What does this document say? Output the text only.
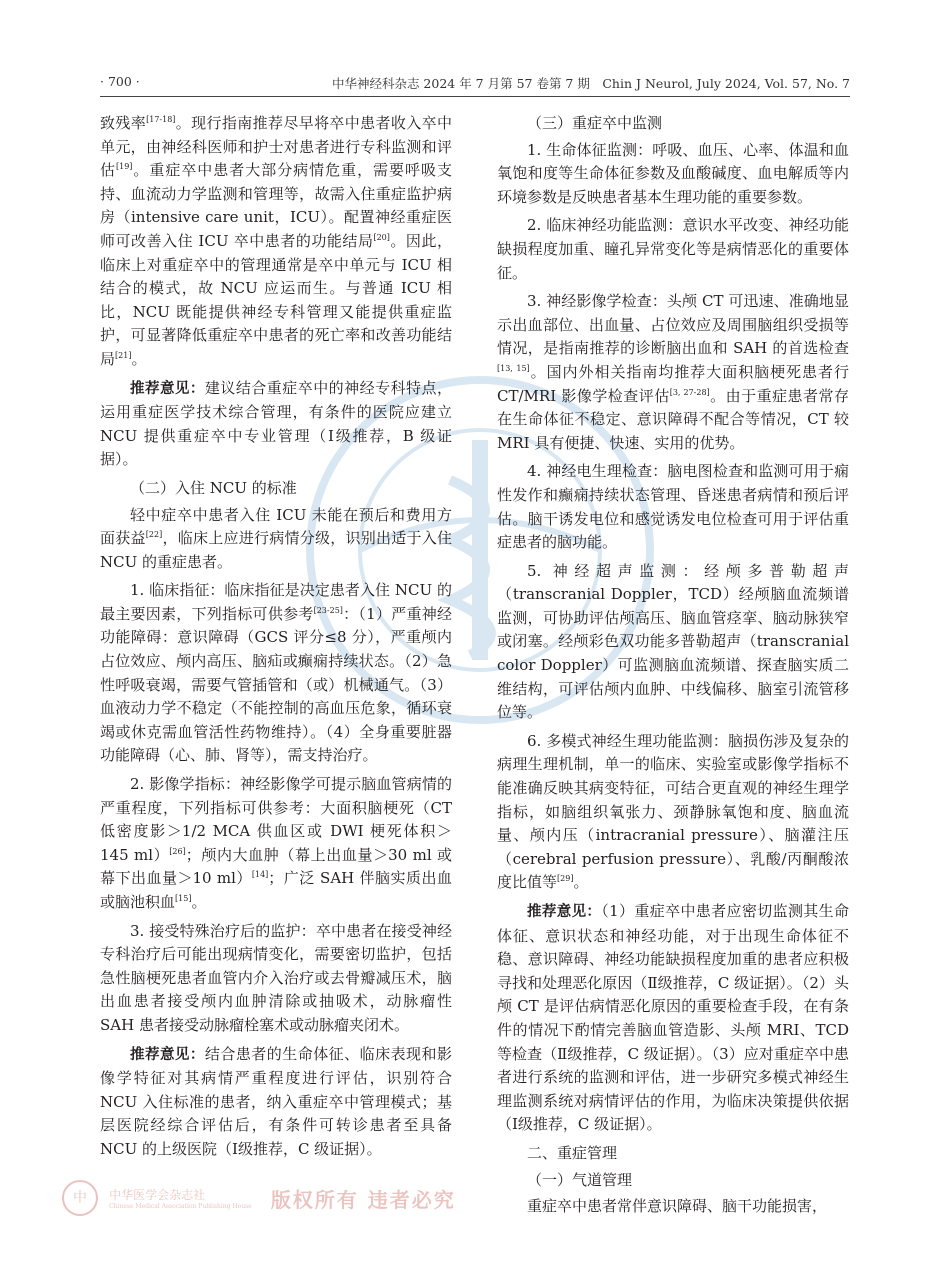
· 700 ·	中华神经科杂志 2024 年 7 月第 57 卷第 7 期　Chin J Neurol, July 2024, Vol. 57, No. 7

致残率[17-18]。现行指南推荐尽早将卒中患者收入卒中单元，由神经科医师和护士对患者进行专科监测和评估[19]。重症卒中患者大部分病情危重，需要呼吸支持、血流动力学监测和管理等，故需入住重症监护病房（intensive care unit，ICU）。配置神经重症医师可改善入住 ICU 卒中患者的功能结局[20]。因此，临床上对重症卒中的管理通常是卒中单元与 ICU 相结合的模式，故 NCU 应运而生。与普通 ICU 相比，NCU 既能提供神经专科管理又能提供重症监护，可显著降低重症卒中患者的死亡率和改善功能结局[21]。

推荐意见：建议结合重症卒中的神经专科特点，运用重症医学技术综合管理，有条件的医院应建立 NCU 提供重症卒中专业管理（Ⅰ级推荐，B 级证据）。

（二）入住 NCU 的标准

轻中症卒中患者入住 ICU 未能在预后和费用方面获益[22]，临床上应进行病情分级，识别出适于入住 NCU 的重症患者。

1. 临床指征：临床指征是决定患者入住 NCU 的最主要因素，下列指标可供参考[23-25]：（1）严重神经功能障碍：意识障碍（GCS 评分≤8 分），严重颅内占位效应、颅内高压、脑疝或癫痫持续状态。（2）急性呼吸衰竭，需要气管插管和（或）机械通气。（3）血液动力学不稳定（不能控制的高血压危象，循环衰竭或休克需血管活性药物维持）。（4）全身重要脏器功能障碍（心、肺、肾等），需支持治疗。

2. 影像学指标：神经影像学可提示脑血管病情的严重程度，下列指标可供参考：大面积脑梗死（CT 低密度影＞1/2 MCA 供血区或 DWI 梗死体积＞145 ml）[26]；颅内大血肿（幕上出血量＞30 ml 或幕下出血量＞10 ml）[14]；广泛 SAH 伴脑实质出血或脑池积血[15]。

3. 接受特殊治疗后的监护：卒中患者在接受神经专科治疗后可能出现病情变化，需要密切监护，包括急性脑梗死患者血管内介入治疗或去骨瓣减压术，脑出血患者接受颅内血肿清除或抽吸术，动脉瘤性 SAH 患者接受动脉瘤栓塞术或动脉瘤夹闭术。

推荐意见：结合患者的生命体征、临床表现和影像学特征对其病情严重程度进行评估，识别符合 NCU 入住标准的患者，纳入重症卒中管理模式；基层医院经综合评估后，有条件可转诊患者至具备 NCU 的上级医院（Ⅰ级推荐，C 级证据）。

（三）重症卒中监测

1. 生命体征监测：呼吸、血压、心率、体温和血氧饱和度等生命体征参数及血酸碱度、血电解质等内环境参数是反映患者基本生理功能的重要参数。

2. 临床神经功能监测：意识水平改变、神经功能缺损程度加重、瞳孔异常变化等是病情恶化的重要体征。

3. 神经影像学检查：头颅 CT 可迅速、准确地显示出血部位、出血量、占位效应及周围脑组织受损等情况，是指南推荐的诊断脑出血和 SAH 的首选检查[13, 15]。国内外相关指南均推荐大面积脑梗死患者行 CT/MRI 影像学检查评估[3, 27-28]。由于重症患者常存在生命体征不稳定、意识障碍不配合等情况，CT 较 MRI 具有便捷、快速、实用的优势。

4. 神经电生理检查：脑电图检查和监测可用于痫性发作和癫痫持续状态管理、昏迷患者病情和预后评估。脑干诱发电位和感觉诱发电位检查可用于评估重症患者的脑功能。

5. 神经超声监测：经颅多普勒超声（transcranial Doppler，TCD）经颅脑血流频谱监测，可协助评估颅高压、脑血管痉挛、脑动脉狭窄或闭塞。经颅彩色双功能多普勒超声（transcranial color Doppler）可监测脑血流频谱、探查脑实质二维结构，可评估颅内血肿、中线偏移、脑室引流管移位等。

6. 多模式神经生理功能监测：脑损伤涉及复杂的病理生理机制，单一的临床、实验室或影像学指标不能准确反映其病变特征，可结合更直观的神经生理学指标，如脑组织氧张力、颈静脉氧饱和度、脑血流量、颅内压（intracranial pressure）、脑灌注压（cerebral perfusion pressure）、乳酸/丙酮酸浓度比值等[29]。

推荐意见：（1）重症卒中患者应密切监测其生命体征、意识状态和神经功能，对于出现生命体征不稳、意识障碍、神经功能缺损程度加重的患者应积极寻找和处理恶化原因（Ⅱ级推荐，C 级证据）。（2）头颅 CT 是评估病情恶化原因的重要检查手段，在有条件的情况下酌情完善脑血管造影、头颅 MRI、TCD 等检查（Ⅱ级推荐，C 级证据）。（3）应对重症卒中患者进行系统的监测和评估，进一步研究多模式神经生理监测系统对病情评估的作用，为临床决策提供依据（Ⅰ级推荐，C 级证据）。

二、重症管理

（一）气道管理

重症卒中患者常伴意识障碍、脑干功能损害，

中 中华医学会杂志社
Chinese Medical Association Publishing House 版权所有 违者必究
